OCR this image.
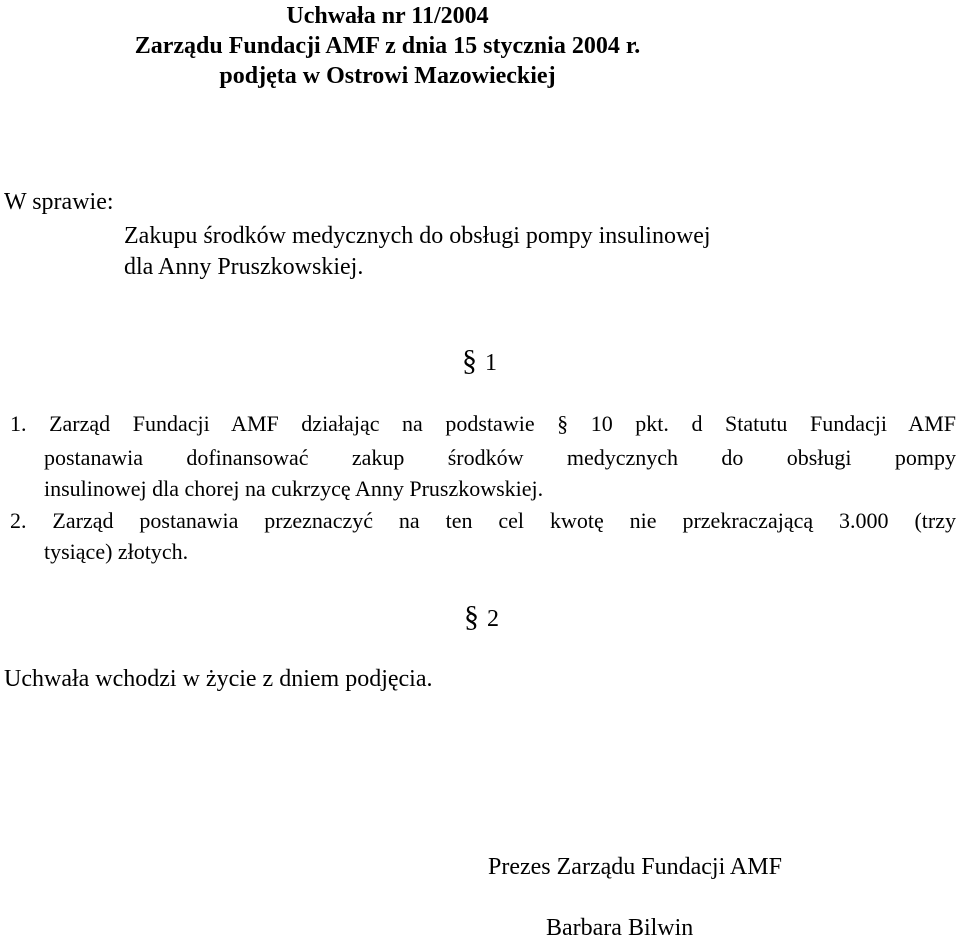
Uchwała nr 11/2004
Zarządu Fundacji AMF z dnia 15 stycznia 2004 r.
podjęta w Ostrowi Mazowieckiej
W sprawie:
Zakupu środków medycznych do obsługi pompy insulinowej
dla Anny Pruszkowskiej.
§ 1
1. Zarząd Fundacji AMF działając na podstawie § 10 pkt. d Statutu Fundacji AMF
postanawia dofinansować zakup środków medycznych do obsługi pompy
insulinowej dla chorej na cukrzycę Anny Pruszkowskiej.
2. Zarząd postanawia przeznaczyć na ten cel kwotę nie przekraczającą 3.000 (trzy
tysiące) złotych.
§ 2
Uchwała wchodzi w życie z dniem podjęcia.
Prezes Zarządu Fundacji AMF
Barbara Bilwin
